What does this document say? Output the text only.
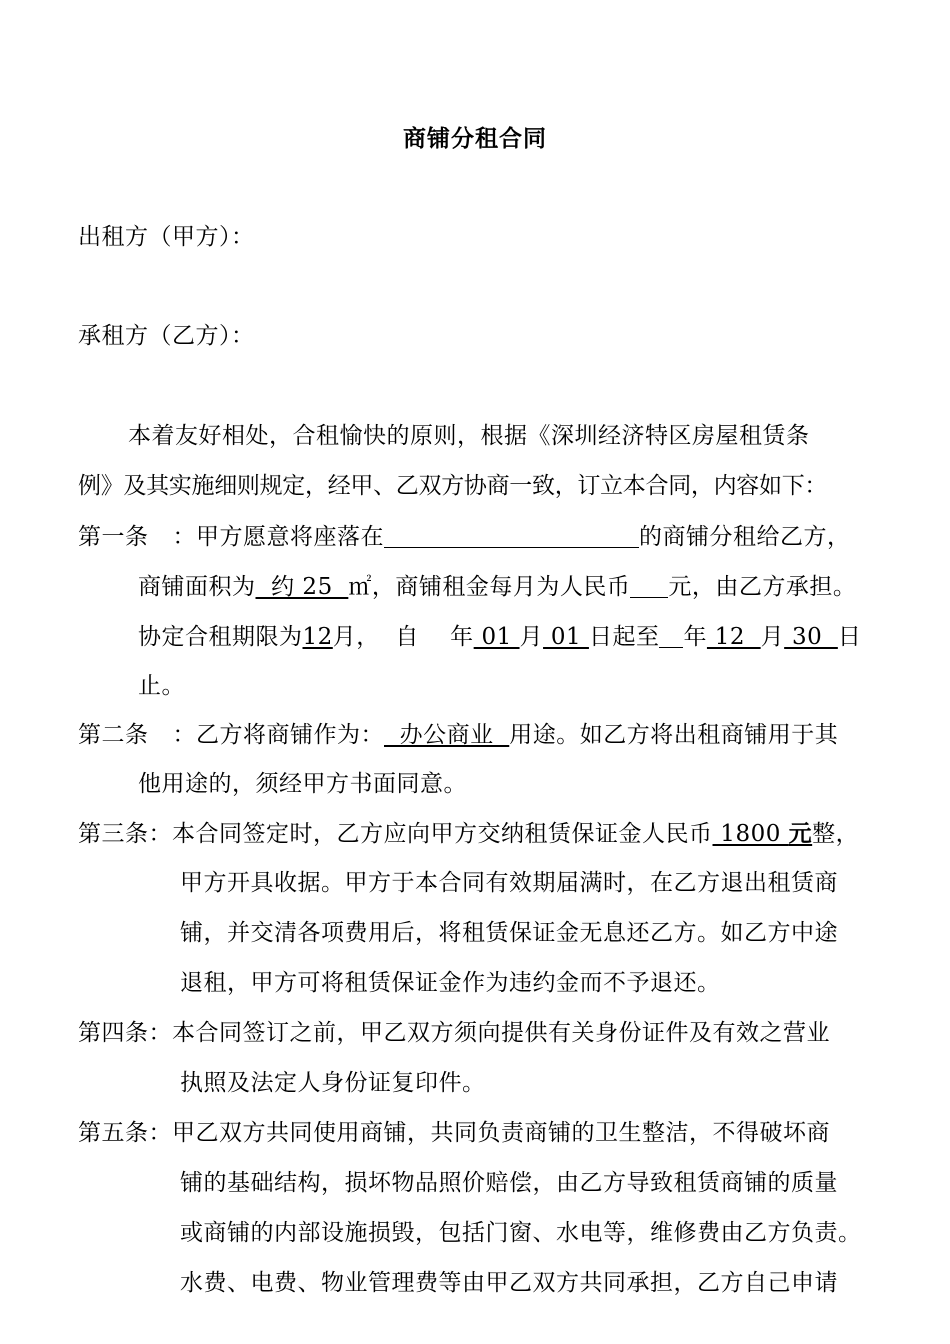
商铺分租合同
出租方（甲方）：
承租方（乙方）：
本着友好相处，合租愉快的原则，根据《深圳经济特区房屋租赁条
例》及其实施细则规定，经甲、乙双方协商一致，订立本合同，内容如下：
第一条 ：甲方愿意将座落在	的商铺分租给乙方，
商铺面积为  约 25  ㎡，商铺租金每月为人民币 元，由乙方承担。
协定合租期限为12月，  自    年 01 月 01 日起至 年 12  月 30  日
止。
第二条 ：乙方将商铺作为：  办公商业  用途。如乙方将出租商铺用于其
他用途的，须经甲方书面同意。
第三条：本合同签定时，乙方应向甲方交纳租赁保证金人民币 1800 元整，
甲方开具收据。甲方于本合同有效期届满时，在乙方退出租赁商
铺，并交清各项费用后，将租赁保证金无息还乙方。如乙方中途
退租，甲方可将租赁保证金作为违约金而不予退还。
第四条：本合同签订之前，甲乙双方须向提供有关身份证件及有效之营业
执照及法定人身份证复印件。
第五条：甲乙双方共同使用商铺，共同负责商铺的卫生整洁，不得破坏商
铺的基础结构，损坏物品照价赔偿，由乙方导致租赁商铺的质量
或商铺的内部设施损毁，包括门窗、水电等，维修费由乙方负责。
水费、电费、物业管理费等由甲乙双方共同承担，乙方自己申请
